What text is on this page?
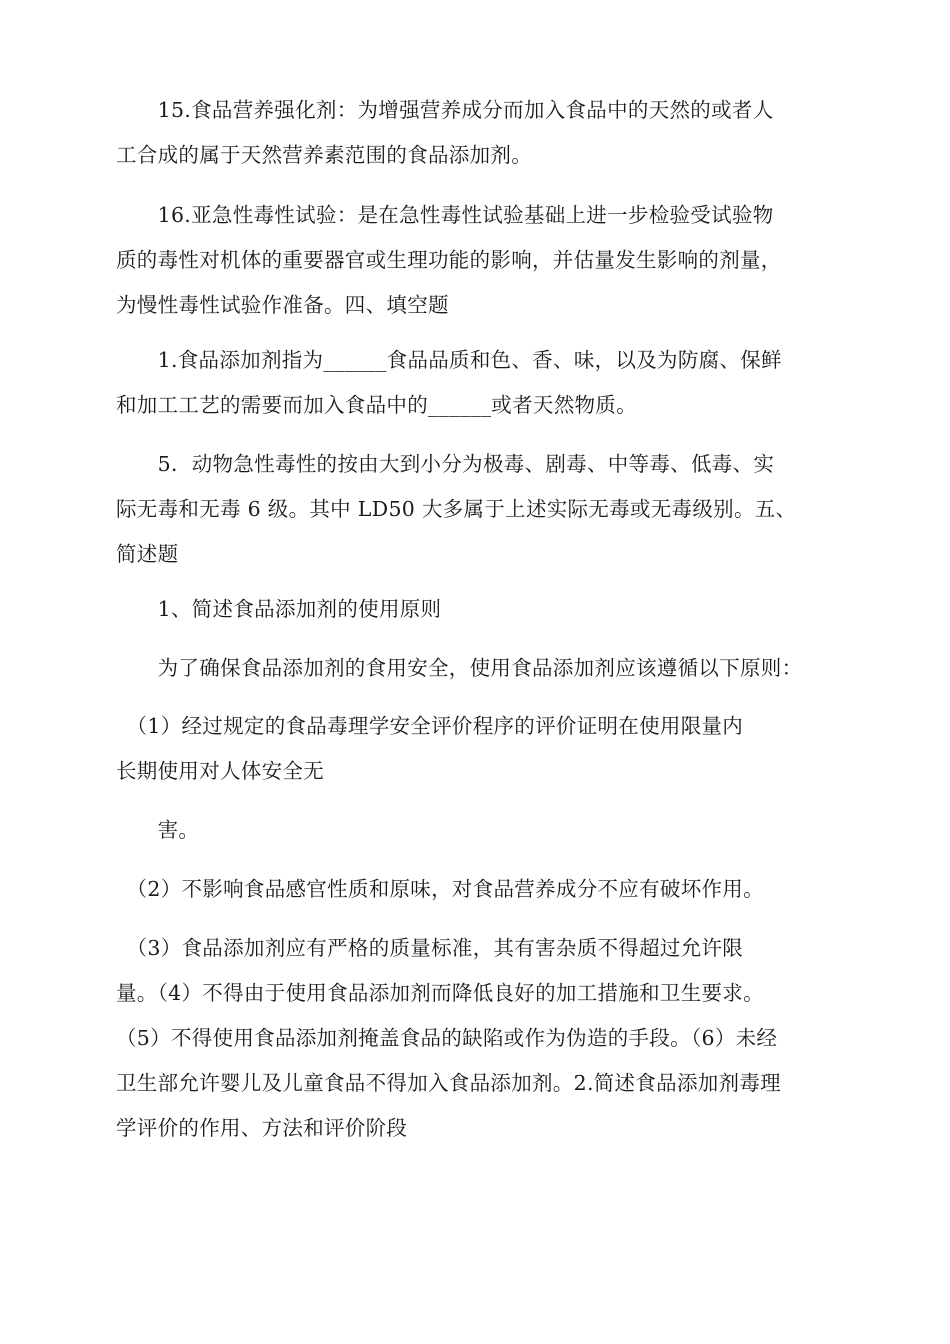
　　15.食品营养强化剂：为增强营养成分而加入食品中的天然的或者人
工合成的属于天然营养素范围的食品添加剂。
　　16.亚急性毒性试验：是在急性毒性试验基础上进一步检验受试验物
质的毒性对机体的重要器官或生理功能的影响，并估量发生影响的剂量，
为慢性毒性试验作准备。四、填空题
　　1.食品添加剂指为______食品品质和色、香、味，以及为防腐、保鲜
和加工工艺的需要而加入食品中的______或者天然物质。
　　5．动物急性毒性的按由大到小分为极毒、剧毒、中等毒、低毒、实
际无毒和无毒 6 级。其中 LD50 大多属于上述实际无毒或无毒级别。五、
简述题
　　1、简述食品添加剂的使用原则
　　为了确保食品添加剂的食用安全，使用食品添加剂应该遵循以下原则：
　（1）经过规定的食品毒理学安全评价程序的评价证明在使用限量内
长期使用对人体安全无
　　害。
　（2）不影响食品感官性质和原味，对食品营养成分不应有破坏作用。
　（3）食品添加剂应有严格的质量标准，其有害杂质不得超过允许限
量。（4）不得由于使用食品添加剂而降低良好的加工措施和卫生要求。
（5）不得使用食品添加剂掩盖食品的缺陷或作为伪造的手段。（6）未经
卫生部允许婴儿及儿童食品不得加入食品添加剂。2.简述食品添加剂毒理
学评价的作用、方法和评价阶段
